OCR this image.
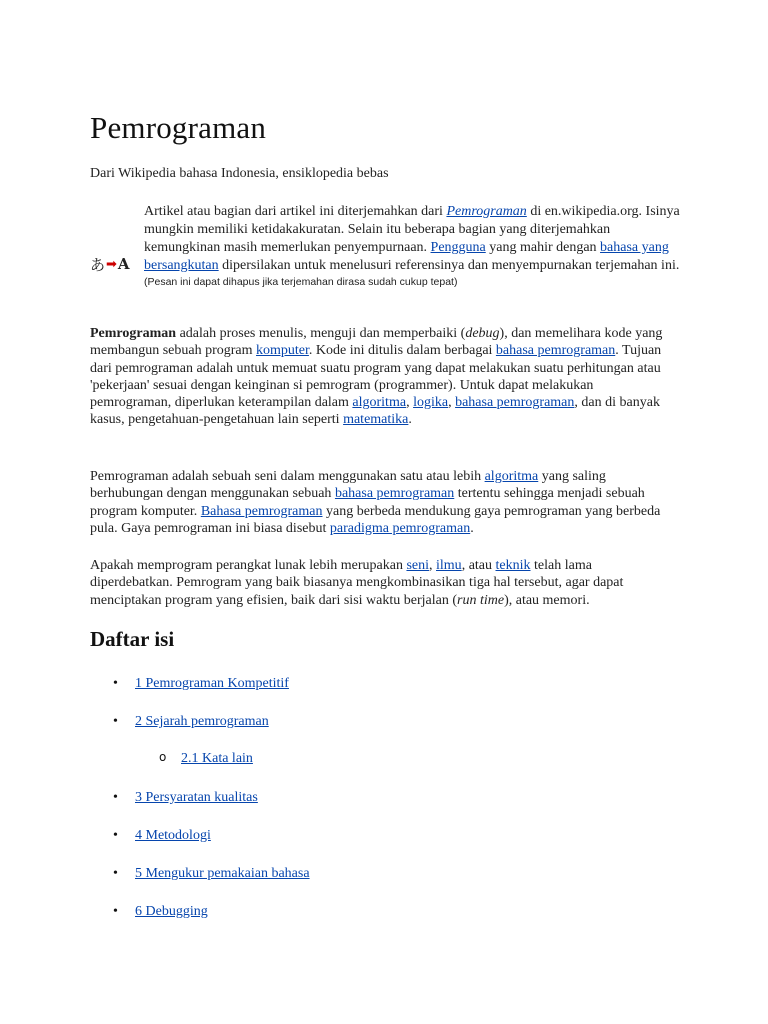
Pemrograman
Dari Wikipedia bahasa Indonesia, ensiklopedia bebas
あ ➡ A
Artikel atau bagian dari artikel ini diterjemahkan dari Pemrograman di en.wikipedia.org. Isinya mungkin memiliki ketidakakuratan. Selain itu beberapa bagian yang diterjemahkan kemungkinan masih memerlukan penyempurnaan. Pengguna yang mahir dengan bahasa yang bersangkutan dipersilakan untuk menelusuri referensinya dan menyempurnakan terjemahan ini.
(Pesan ini dapat dihapus jika terjemahan dirasa sudah cukup tepat)

Pemrograman adalah proses menulis, menguji dan memperbaiki (debug), dan memelihara kode yang membangun sebuah program komputer. Kode ini ditulis dalam berbagai bahasa pemrograman. Tujuan dari pemrograman adalah untuk memuat suatu program yang dapat melakukan suatu perhitungan atau 'pekerjaan' sesuai dengan keinginan si pemrogram (programmer). Untuk dapat melakukan pemrograman, diperlukan keterampilan dalam algoritma, logika, bahasa pemrograman, dan di banyak kasus, pengetahuan-pengetahuan lain seperti matematika.

Pemrograman adalah sebuah seni dalam menggunakan satu atau lebih algoritma yang saling berhubungan dengan menggunakan sebuah bahasa pemrograman tertentu sehingga menjadi sebuah program komputer. Bahasa pemrograman yang berbeda mendukung gaya pemrograman yang berbeda pula. Gaya pemrograman ini biasa disebut paradigma pemrograman.

Apakah memprogram perangkat lunak lebih merupakan seni, ilmu, atau teknik telah lama diperdebatkan. Pemrogram yang baik biasanya mengkombinasikan tiga hal tersebut, agar dapat menciptakan program yang efisien, baik dari sisi waktu berjalan (run time), atau memori.

Daftar isi
• 1 Pemrograman Kompetitif
• 2 Sejarah pemrograman
o 2.1 Kata lain
• 3 Persyaratan kualitas
• 4 Metodologi
• 5 Mengukur pemakaian bahasa
• 6 Debugging
